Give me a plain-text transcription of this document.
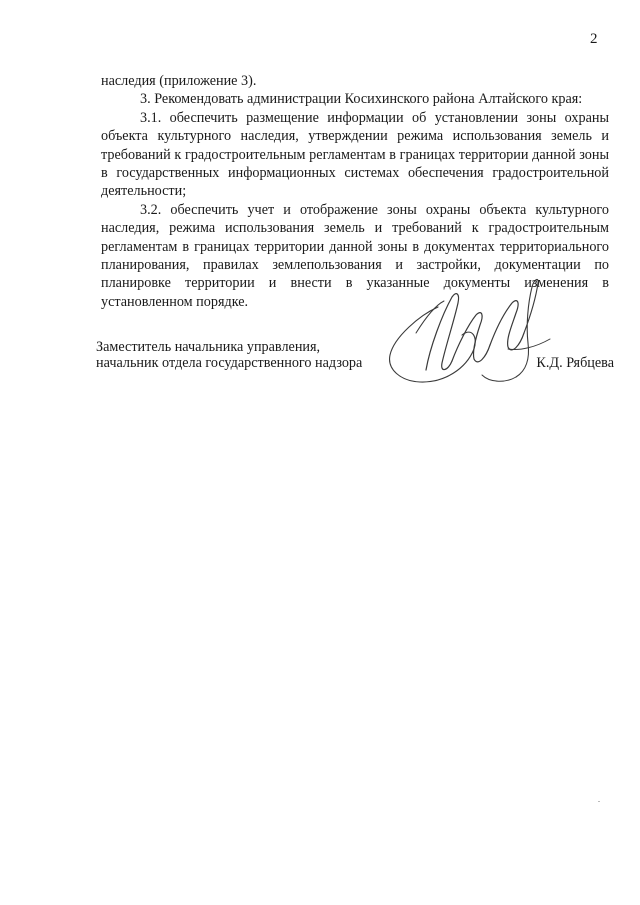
2

наследия (приложение 3).

3. Рекомендовать администрации Косихинского района Алтайского края:

3.1. обеспечить размещение информации об установлении зоны охраны объекта культурного наследия, утверждении режима использования земель и требований к градостроительным регламентам в границах территории данной зоны в государственных информационных системах обеспечения градостроительной деятельности;

3.2. обеспечить учет и отображение зоны охраны объекта культурного наследия, режима использования земель и требований к градостроительным регламентам в границах территории данной зоны в документах территориального планирования, правилах землепользования и застройки, документации по планировке территории и внести в указанные документы изменения в установленном порядке.

Заместитель начальника управления,
начальник отдела государственного надзора	К.Д. Рябцева
